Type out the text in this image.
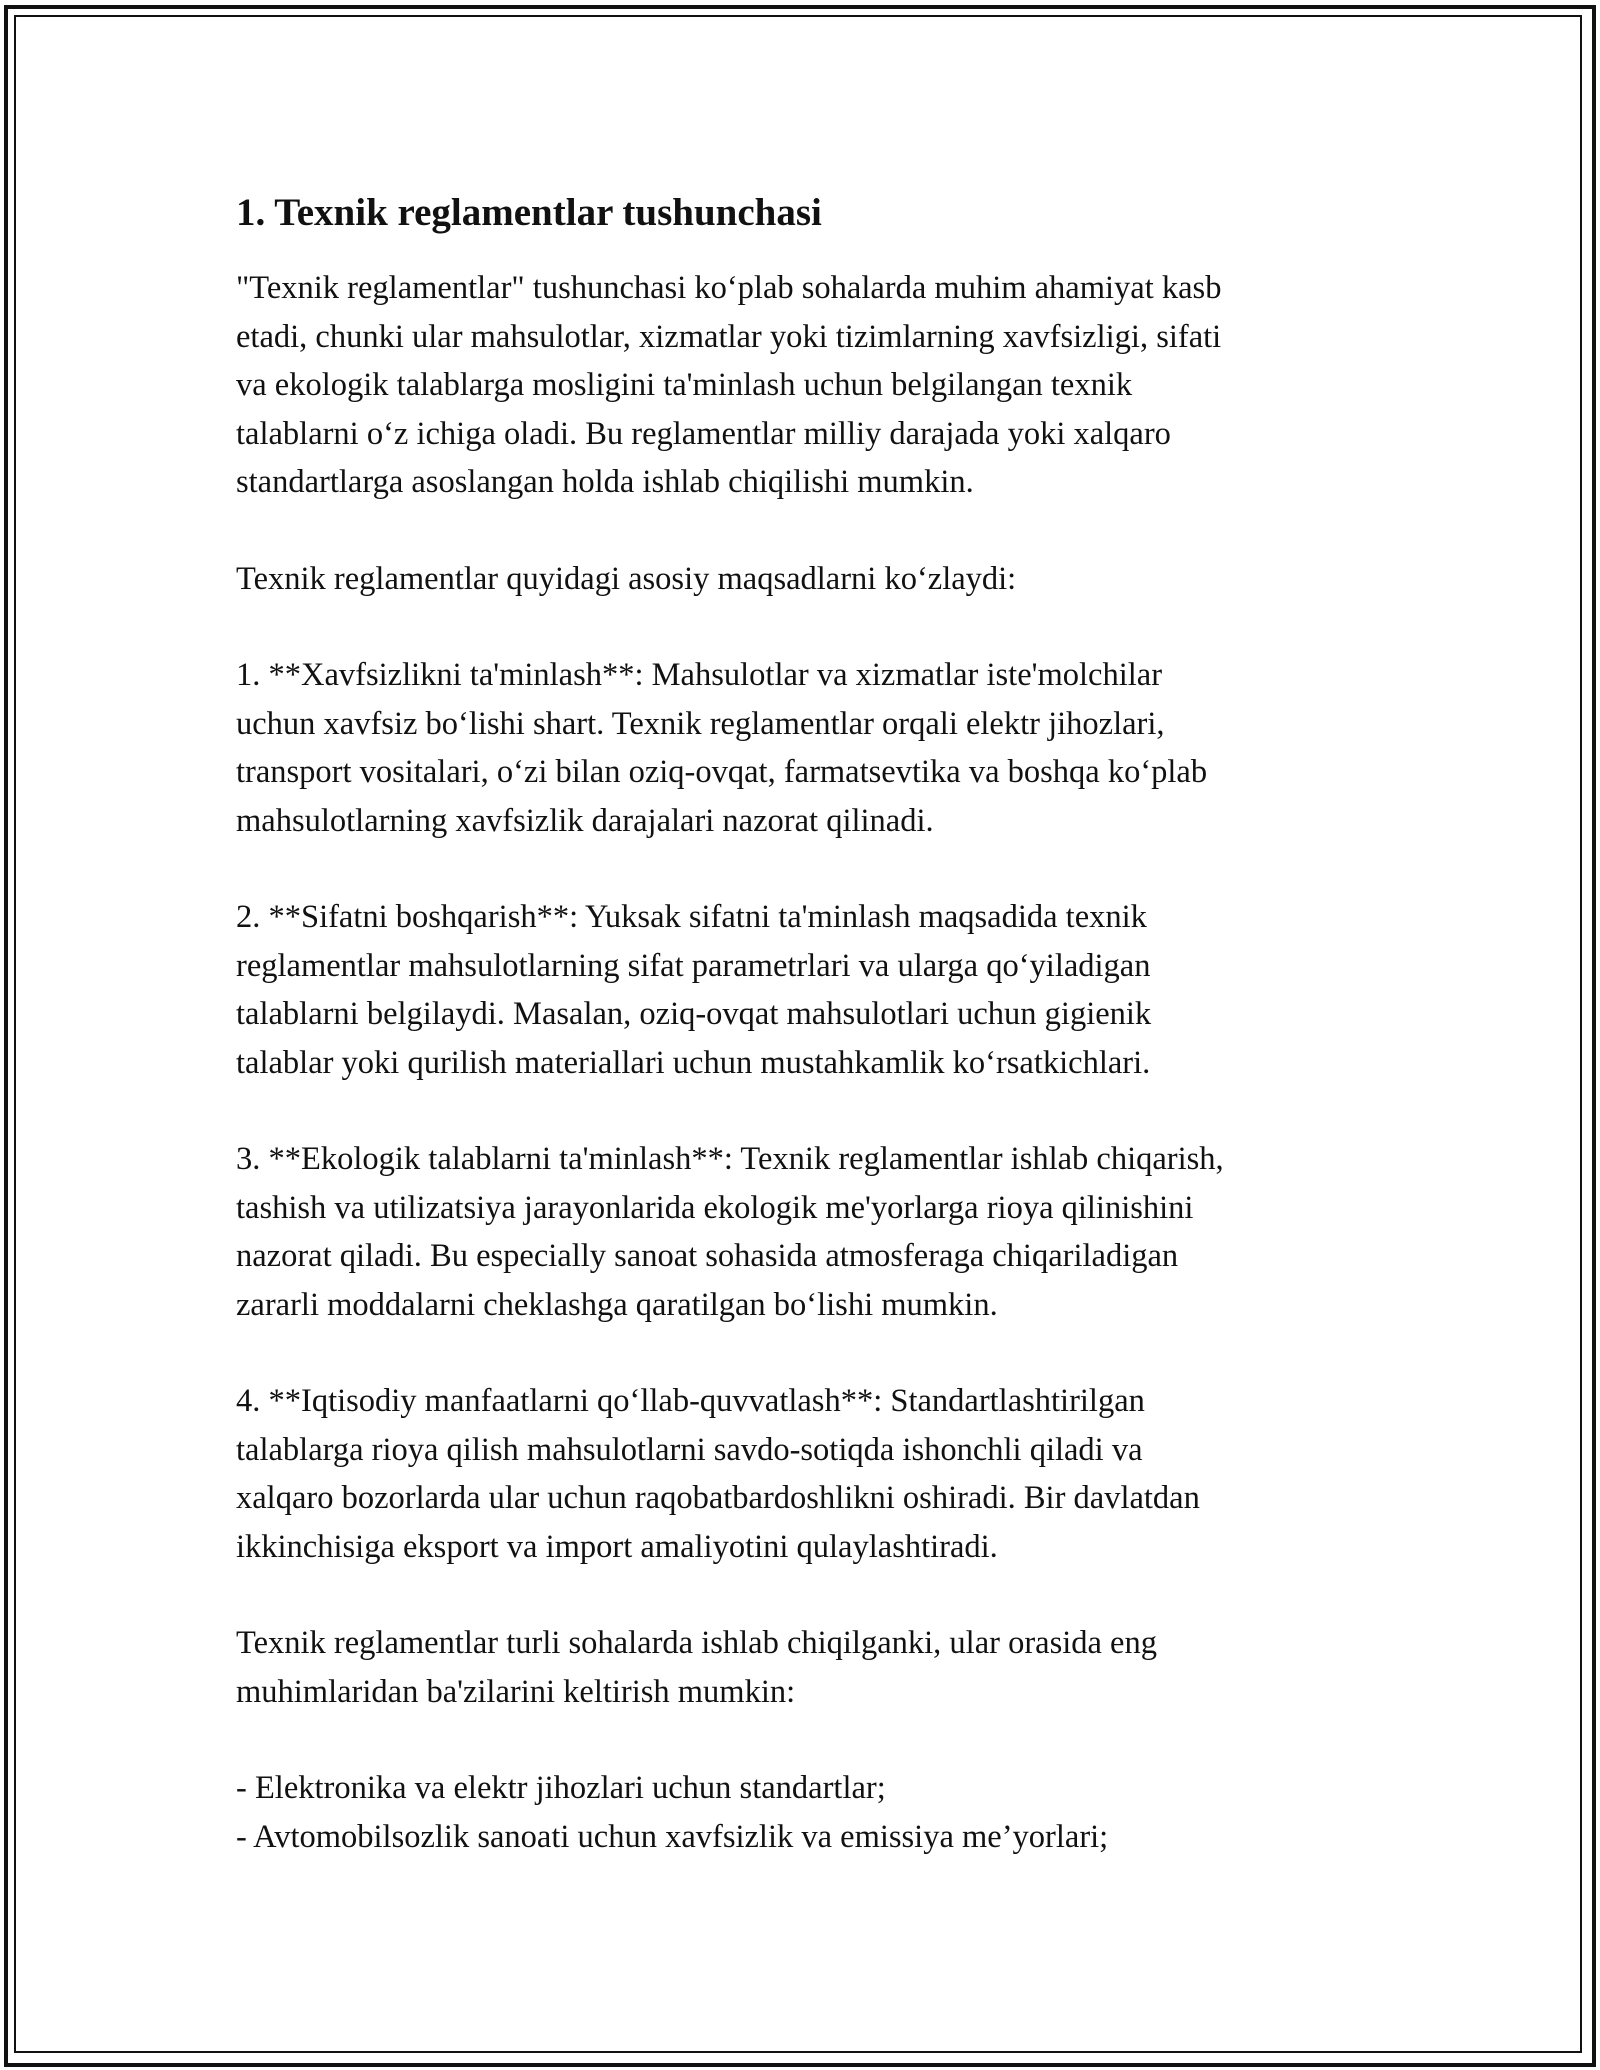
1. Texnik reglamentlar tushunchasi

"Texnik reglamentlar" tushunchasi koʻplab sohalarda muhim ahamiyat kasb
etadi, chunki ular mahsulotlar, xizmatlar yoki tizimlarning xavfsizligi, sifati
va ekologik talablarga mosligini ta'minlash uchun belgilangan texnik
talablarni oʻz ichiga oladi. Bu reglamentlar milliy darajada yoki xalqaro
standartlarga asoslangan holda ishlab chiqilishi mumkin.

Texnik reglamentlar quyidagi asosiy maqsadlarni koʻzlaydi:

1. **Xavfsizlikni ta'minlash**: Mahsulotlar va xizmatlar iste'molchilar
uchun xavfsiz boʻlishi shart. Texnik reglamentlar orqali elektr jihozlari,
transport vositalari, oʻzi bilan oziq-ovqat, farmatsevtika va boshqa koʻplab
mahsulotlarning xavfsizlik darajalari nazorat qilinadi.

2. **Sifatni boshqarish**: Yuksak sifatni ta'minlash maqsadida texnik
reglamentlar mahsulotlarning sifat parametrlari va ularga qoʻyiladigan
talablarni belgilaydi. Masalan, oziq-ovqat mahsulotlari uchun gigienik
talablar yoki qurilish materiallari uchun mustahkamlik koʻrsatkichlari.

3. **Ekologik talablarni ta'minlash**: Texnik reglamentlar ishlab chiqarish,
tashish va utilizatsiya jarayonlarida ekologik me'yorlarga rioya qilinishini
nazorat qiladi. Bu especially sanoat sohasida atmosferaga chiqariladigan
zararli moddalarni cheklashga qaratilgan boʻlishi mumkin.

4. **Iqtisodiy manfaatlarni qoʻllab-quvvatlash**: Standartlashtirilgan
talablarga rioya qilish mahsulotlarni savdo-sotiqda ishonchli qiladi va
xalqaro bozorlarda ular uchun raqobatbardoshlikni oshiradi. Bir davlatdan
ikkinchisiga eksport va import amaliyotini qulaylashtiradi.

Texnik reglamentlar turli sohalarda ishlab chiqilganki, ular orasida eng
muhimlaridan ba'zilarini keltirish mumkin:

- Elektronika va elektr jihozlari uchun standartlar;
- Avtomobilsozlik sanoati uchun xavfsizlik va emissiya me’yorlari;
